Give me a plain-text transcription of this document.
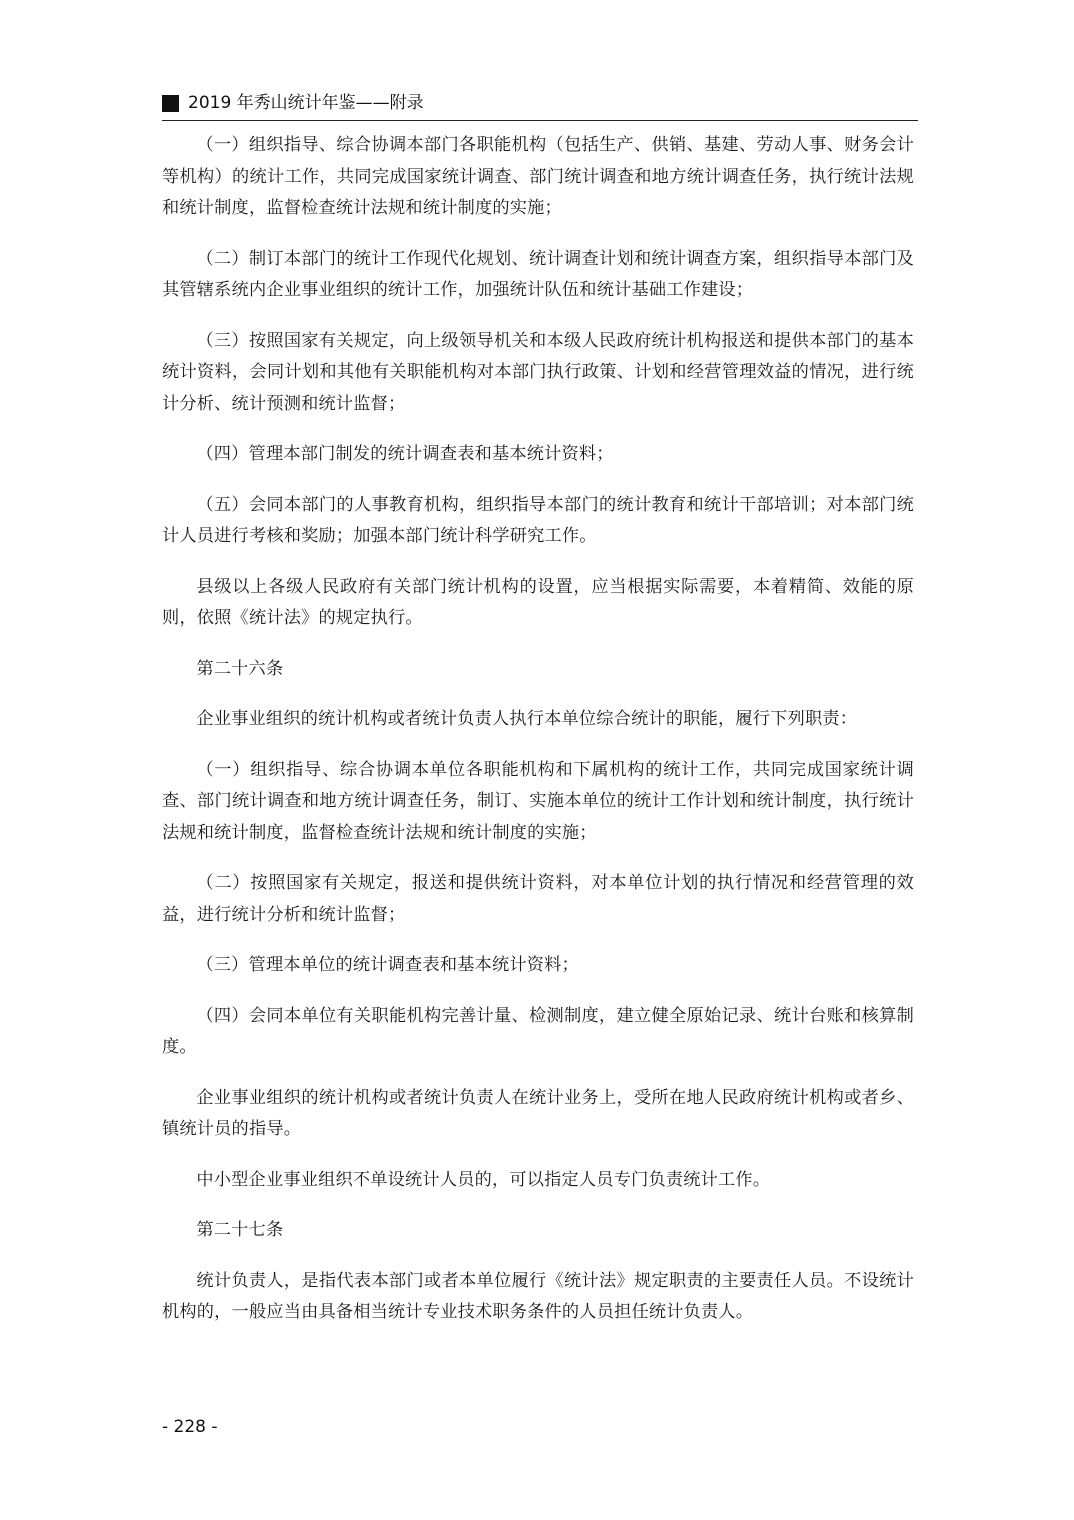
2019 年秀山统计年鉴——附录

（一）组织指导、综合协调本部门各职能机构（包括生产、供销、基建、劳动人事、财务会计等机构）的统计工作，共同完成国家统计调查、部门统计调查和地方统计调查任务，执行统计法规和统计制度，监督检查统计法规和统计制度的实施；

（二）制订本部门的统计工作现代化规划、统计调查计划和统计调查方案，组织指导本部门及其管辖系统内企业事业组织的统计工作，加强统计队伍和统计基础工作建设；

（三）按照国家有关规定，向上级领导机关和本级人民政府统计机构报送和提供本部门的基本统计资料，会同计划和其他有关职能机构对本部门执行政策、计划和经营管理效益的情况，进行统计分析、统计预测和统计监督；

（四）管理本部门制发的统计调查表和基本统计资料；

（五）会同本部门的人事教育机构，组织指导本部门的统计教育和统计干部培训；对本部门统计人员进行考核和奖励；加强本部门统计科学研究工作。

县级以上各级人民政府有关部门统计机构的设置，应当根据实际需要，本着精简、效能的原则，依照《统计法》的规定执行。

第二十六条

企业事业组织的统计机构或者统计负责人执行本单位综合统计的职能，履行下列职责：

（一）组织指导、综合协调本单位各职能机构和下属机构的统计工作，共同完成国家统计调查、部门统计调查和地方统计调查任务，制订、实施本单位的统计工作计划和统计制度，执行统计法规和统计制度，监督检查统计法规和统计制度的实施；

（二）按照国家有关规定，报送和提供统计资料，对本单位计划的执行情况和经营管理的效益，进行统计分析和统计监督；

（三）管理本单位的统计调查表和基本统计资料；

（四）会同本单位有关职能机构完善计量、检测制度，建立健全原始记录、统计台账和核算制度。

企业事业组织的统计机构或者统计负责人在统计业务上，受所在地人民政府统计机构或者乡、镇统计员的指导。

中小型企业事业组织不单设统计人员的，可以指定人员专门负责统计工作。

第二十七条

统计负责人，是指代表本部门或者本单位履行《统计法》规定职责的主要责任人员。不设统计机构的，一般应当由具备相当统计专业技术职务条件的人员担任统计负责人。

- 228 -
